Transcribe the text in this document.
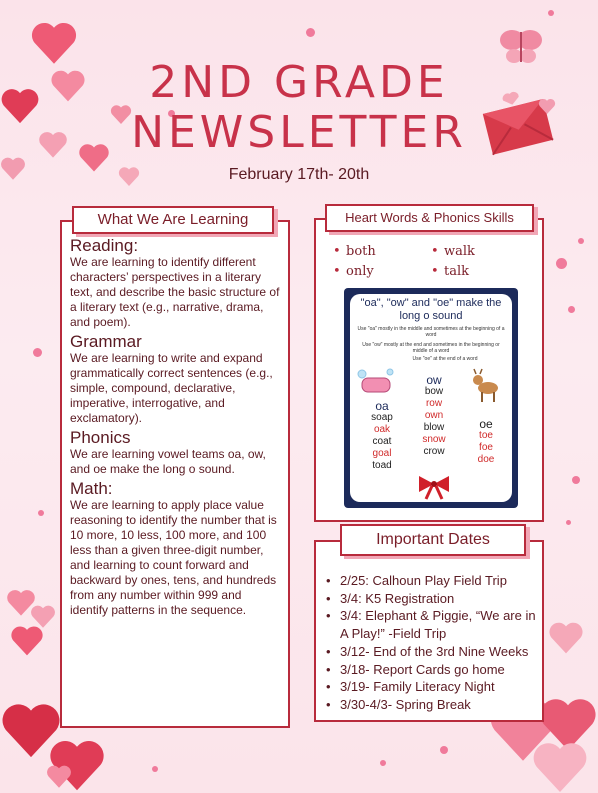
2ND GRADE
NEWSLETTER
February 17th- 20th

Reading:

We are learning to identify different characters’ perspectives in a literary text, and describe the basic structure of a literary text (e.g., narrative, drama, and poem).

Grammar

We are learning to write and expand grammatically correct sentences (e.g., simple, compound, declarative, imperative, interrogative, and exclamatory).

Phonics

We are learning vowel teams oa, ow, and oe make the long o sound.

Math:

We are learning to apply place value reasoning to identify the number that is 10 more, 10 less, 100 more, and 100 less than a given three-digit number, and learning to count forward and backward by ones, tens, and hundreds from any number within 999 and identify patterns in the sequence.

What We Are Learning
• both	• walk
• only	• talk
"oa", "ow" and "oe" make the
long o sound
Use "oa" mostly in the middle and sometimes at the beginning of a word
Use "ow" mostly at the end and sometimes in the beginning or middle of a word
Use "oe" at the end of a word
oa
soap
oak
coat
goal
toad
ow
bow
row
own
blow
snow
crow
oe
toe
foe
doe
Heart Words & Phonics Skills
• 2/25: Calhoun Play Field Trip
• 3/4: K5 Registration
• 3/4: Elephant & Piggie, “We are in A Play!” -Field Trip
• 3/12- End of the 3rd Nine Weeks
• 3/18- Report Cards go home
• 3/19- Family Literacy Night
• 3/30-4/3- Spring Break
Important Dates
